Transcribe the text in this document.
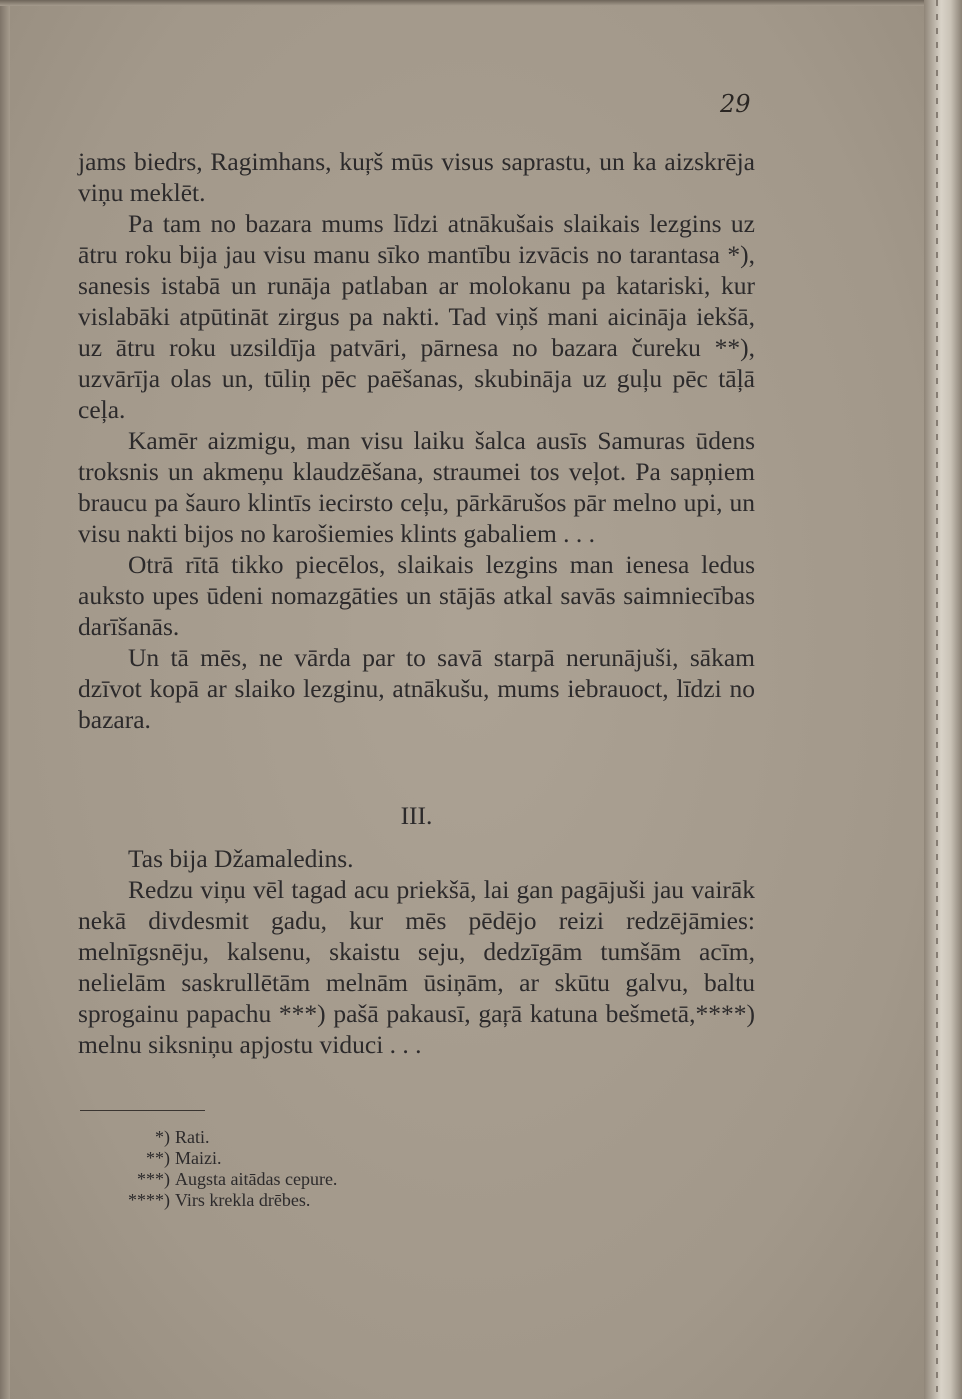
29

jams biedrs, Ragimhans, kuŗš mūs visus saprastu, un ka aizskrēja viņu meklēt.

Pa tam no bazara mums līdzi atnākušais slaikais lezgins uz ātru roku bija jau visu manu sīko mantību izvācis no tarantasa *), sanesis istabā un runāja patlaban ar molokanu pa katariski, kur vislabāki atpūtināt zirgus pa nakti. Tad viņš mani aicināja iekšā, uz ātru roku uzsildīja patvāri, pārnesa no bazara čureku **), uzvārīja olas un, tūliņ pēc paēšanas, skubināja uz guļu pēc tāļā ceļa.

Kamēr aizmigu, man visu laiku šalca ausīs Samuras ūdens troksnis un akmeņu klaudzēšana, straumei tos veļot. Pa sapņiem braucu pa šauro klintīs iecirsto ceļu, pārkārušos pār melno upi, un visu nakti bijos no karošiemies klints gabaliem . . .

Otrā rītā tikko piecēlos, slaikais lezgins man ienesa ledus auksto upes ūdeni nomazgāties un stājās atkal savās saimniecības darīšanās.

Un tā mēs, ne vārda par to savā starpā nerunājuši, sākam dzīvot kopā ar slaiko lezginu, atnākušu, mums iebrauoct, līdzi no bazara.

III.

Tas bija Džamaledins.

Redzu viņu vēl tagad acu priekšā, lai gan pagājuši jau vairāk nekā divdesmit gadu, kur mēs pēdējo reizi redzējāmies: melnīgsnēju, kalsenu, skaistu seju, dedzīgām tumšām acīm, nelielām saskrullētām melnām ūsiņām, ar skūtu galvu, baltu sprogainu papachu ***) pašā pakausī, gaŗā katuna bešmetā,****) melnu siksniņu apjostu viduci . . .

*) Rati.
**) Maizi.
***) Augsta aitādas cepure.
****) Virs krekla drēbes.
